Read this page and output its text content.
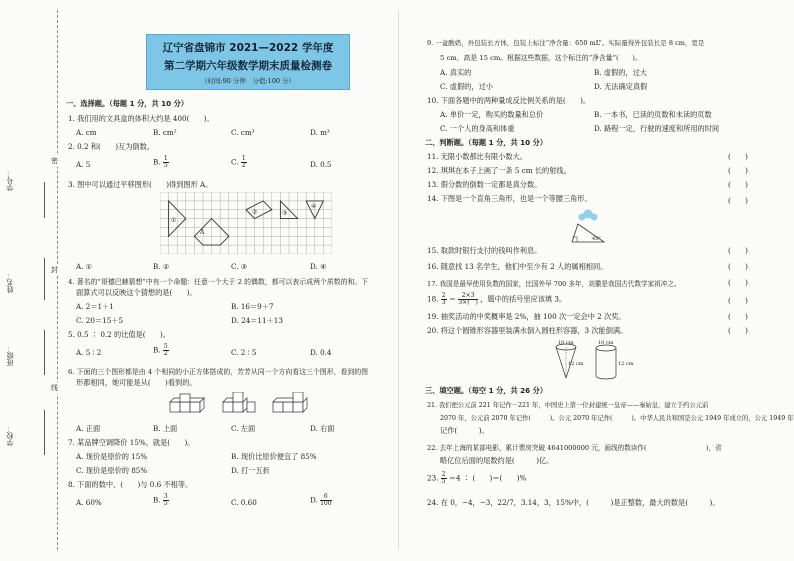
学号：
姓名：
班级：
学校：
密
封
线
辽宁省盘锦市 2021—2022 学年度
第二学期六年级数学期末质量检测卷
（时间:90 分钟　分值:100 分）
一、选择题。（每题 1 分，共 10 分）
1. 我们用的文具盒的体积大约是 400(　　)。
A. cm	B. cm²	C. cm³	D. m³
2. 0.2 和(　　)互为倒数。
A. 5	B. $\frac{1}{5}$	C. $\frac{1}{2}$	D. 0.5
3. 图中可以通过平移图形(　　)得到图形 A。
①
A
②	③
④
A. ①	B. ②	C. ③	D. ④
4. 著名的“哥德巴赫猜想”中有一个命题：任意一个大于 2 的偶数，都可以表示成两个质数的和。下
面算式可以反映这个猜想的是(　　)。
A. 2＝1＋1	B. 16＝9＋7
C. 20＝15＋5	D. 24＝11＋13
5. 0.5 ∶ 0.2 的比值是(　　)。
A. 5 ∶ 2	B. $\frac{5}{2}$	C. 2 ∶ 5	D. 0.4
6. 下面的三个图形都是由 4 个相同的小正方体搭成的，芳芳从同一个方向看这三个图形，看到的图
形都相同，她可能是从(　　)看到的。
A. 正面	B. 上面	C. 左面	D. 右面
7. 某品牌空调降价 15%，就是(　　)。
A. 现价是原价的 15%	B. 现价比原价便宜了 85%
C. 现价是原价的 85%	D. 打一五折
8. 下面的数中，(　　)与 0.6 不相等。
A. 60%	B. $\frac{3}{5}$	C. 0.60	D. $\frac{6}{100}$
9. 一盒酸奶，外包装长方体，包装上标注“净含量：650 mL”。实际量得外包装长是 8 cm，宽是
5 cm，高是 15 cm。根据这些数据，这个标注的“净含量”(　　)。
A. 真实的	B. 虚假的，过大
C. 虚假的，过小	D. 无法确定真假
10. 下面各题中的两种量成反比例关系的是(　　)。
A. 单价一定，购买的数量和总价	B. 一本书，已读的页数和未读的页数
C. 一个人的身高和体重	D. 路程一定，行驶的速度和所用的时间
二、判断题。（每题 1 分，共 10 分）
11. 无限小数都比有限小数大。	(　　)
12. 琪琪在本子上画了一条 5 cm 长的射线。	(　　)
13. 假分数的倒数一定都是真分数。	(　　)
14. 下图是一个直角三角形，也是一个等腰三角形。	(　　)
45°
15. 取款时银行支付的钱叫作利息。	(　　)
16. 随意找 13 名学生，他们中至少有 2 人的属相相同。	(　　)
17. 我国是最早使用负数的国家，比国外早 700 多年，刘徽是我国古代数学家祖冲之。	(　　)
18. $\frac{2}{3} = \frac{2\times 3}{3\times( )}$ ，题中的括号里应该填 3。	(　　)
19. 抽奖活动的中奖概率是 2%，抽 100 次一定会中 2 次奖。	(　　)
20. 将这个圆锥形容器里装满水倒入圆柱形容器，3 次能倒满。	(　　)
10 cm
12 cm
10 cm
12 cm
三、填空题。（每空 1 分，共 26 分）
21. 我们把公元前 221 年记作－221 年，中国史上第一位封建统一皇帝——秦始皇，建立于约公元前
2070 年，公元前 2070 年记作(　　　)。公元 2070 年记作(　　　)。中华人民共和国是公元 1949 年成立的，公元 1949 年
记作(　　　)。
22. 去年上海的某部电影，累计票房突破 4641000000 元，画线的数读作(　　　　　　　　　)，省
略亿位后面的尾数约是(　　　)亿。
23. $\frac{2}{5} =4$ ∶ (　　)＝(　　)%
24. 在 0，−4，−3，22/7，3.14，3，15%中，(　　　)是正整数，最大的数是(　　　)。
